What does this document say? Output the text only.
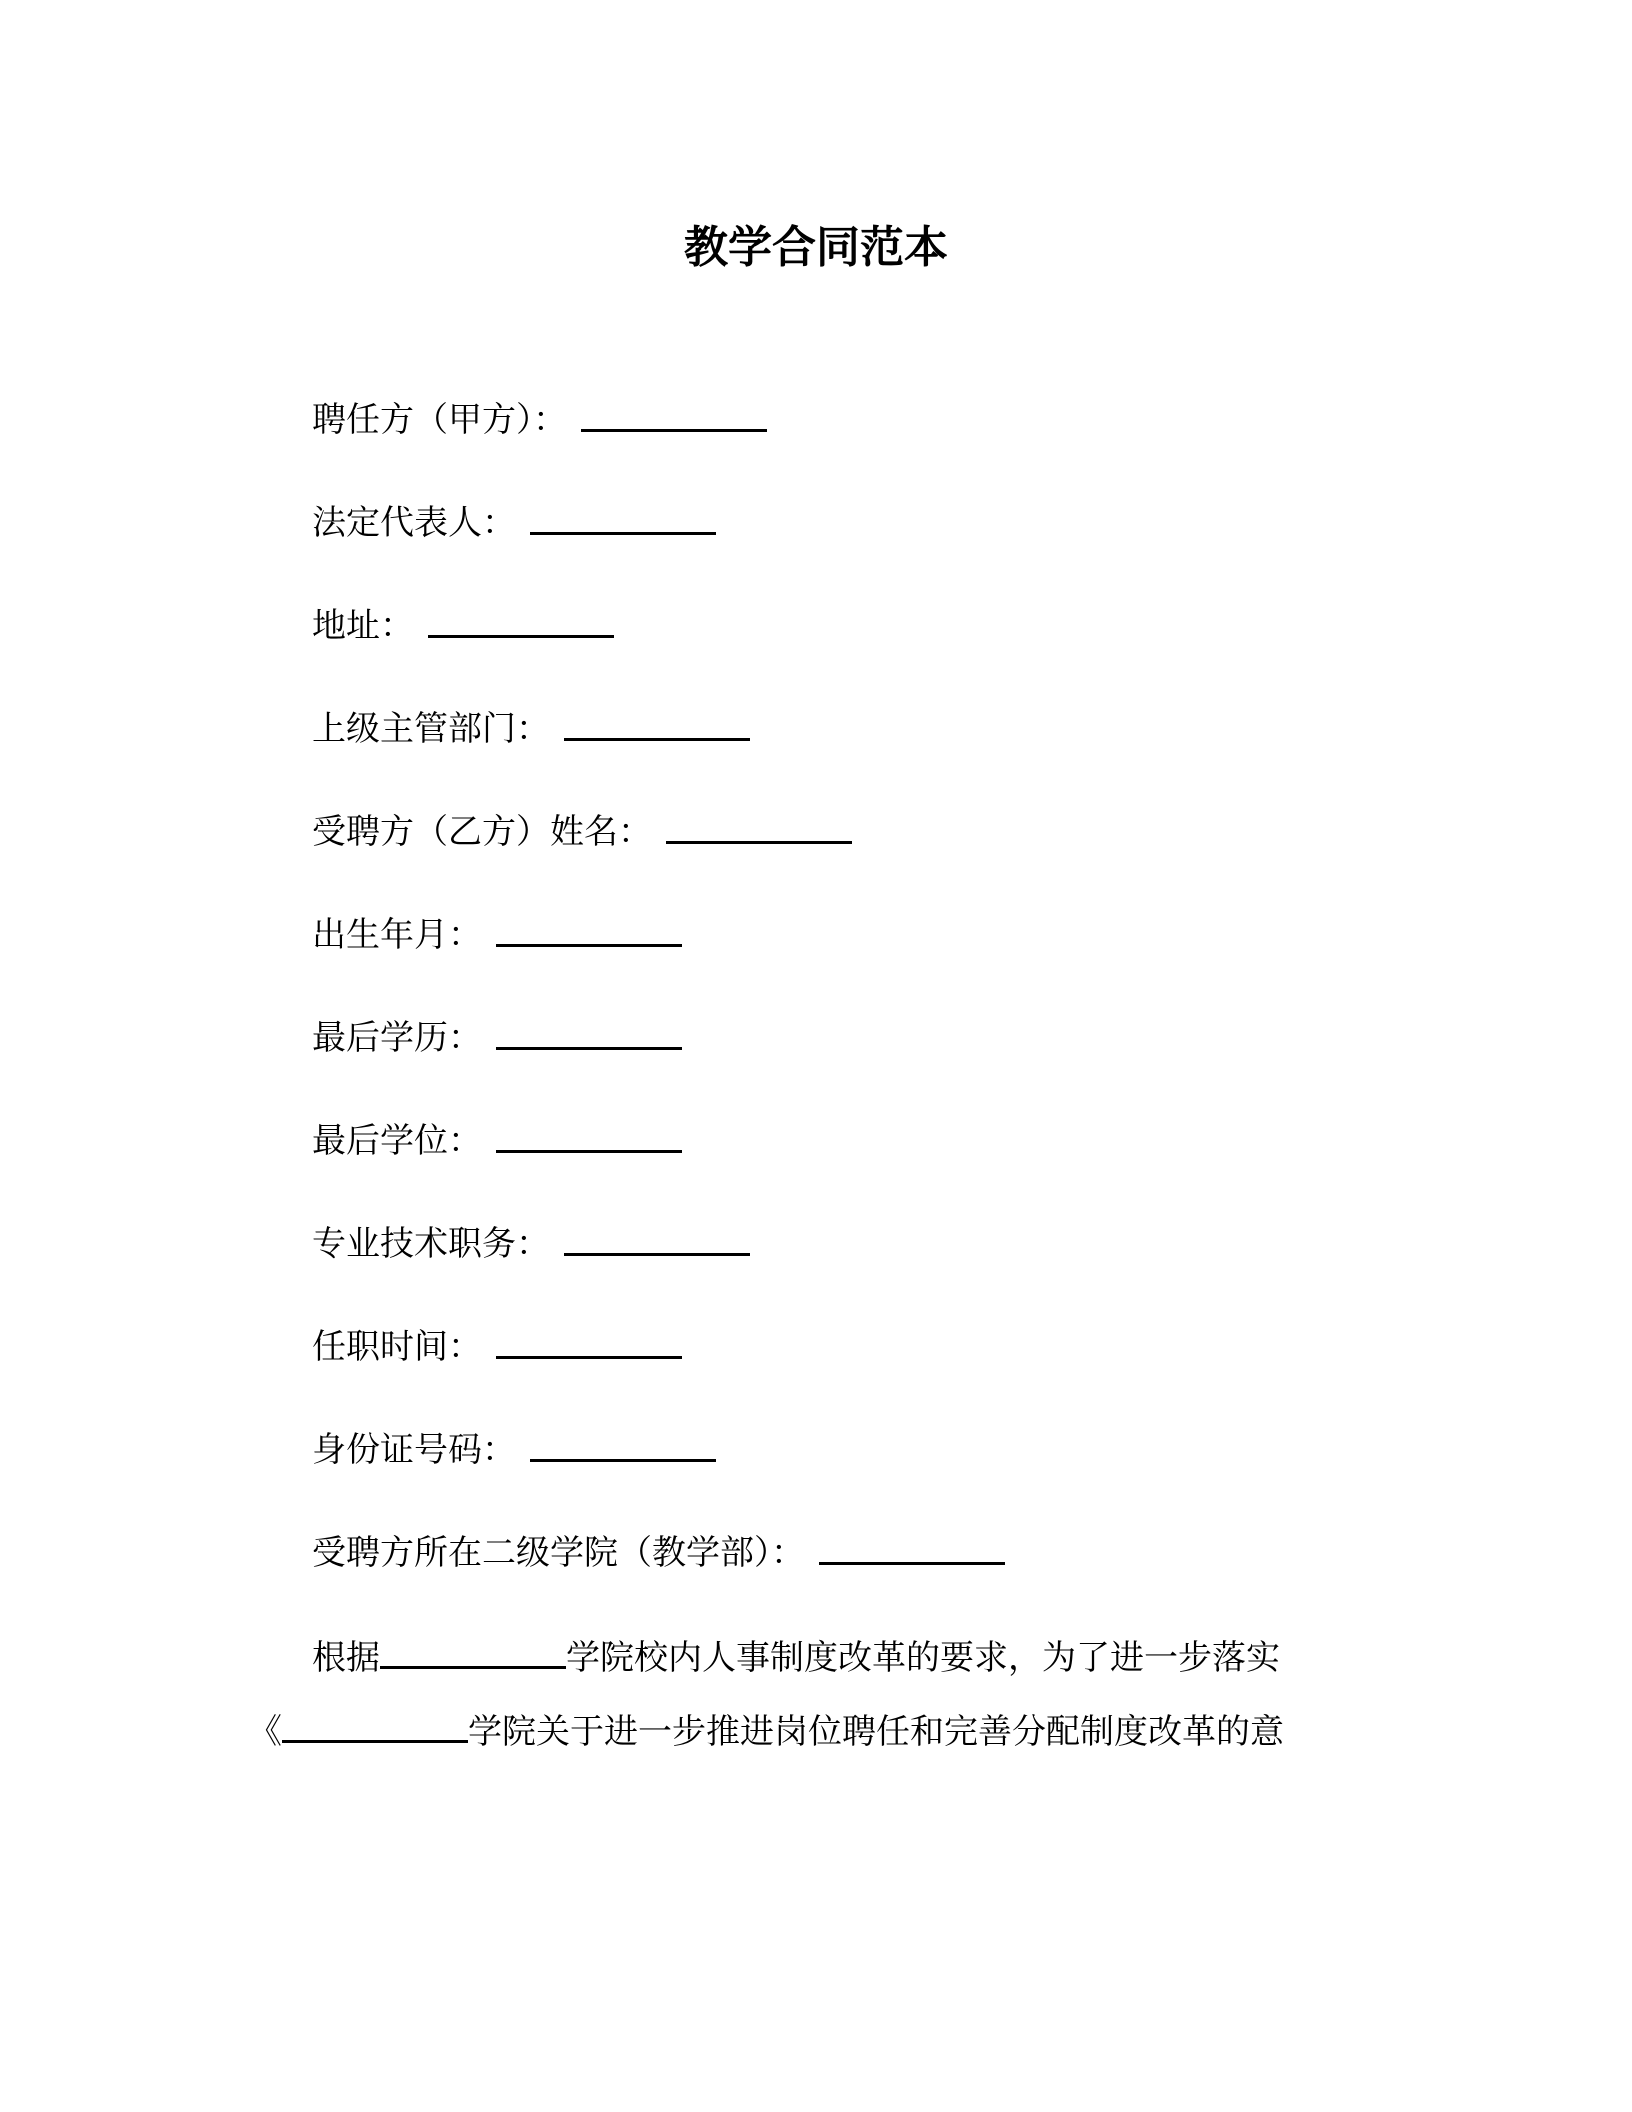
教学合同范本
聘任方（甲方）：
法定代表人：
地址：
上级主管部门：
受聘方（乙方）姓名：
出生年月：
最后学历：
最后学位：
专业技术职务：
任职时间：
身份证号码：
受聘方所在二级学院（教学部）：
根据	学院校内人事制度改革的要求，为了进一步落实
《	学院关于进一步推进岗位聘任和完善分配制度改革的意
